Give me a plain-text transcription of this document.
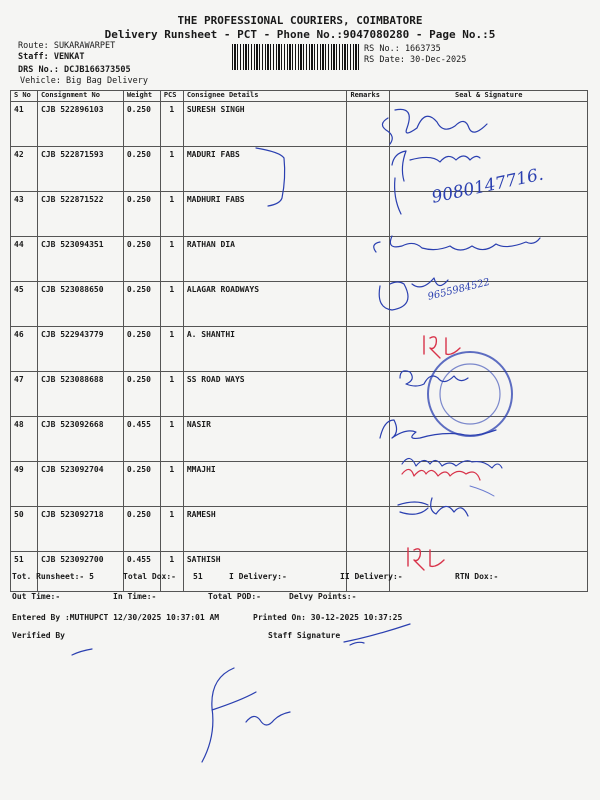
THE PROFESSIONAL COURIERS, COIMBATORE
Delivery Runsheet - PCT - Phone No.:9047080280 - Page No.:5
Route: SUKARAWARPET
Staff: VENKAT
DRS No.: DCJB166373505
Vehicle: Big Bag Delivery
RS No.: 1663735
RS Date: 30-Dec-2025
S No	Consignment No	Weight	PCS	Consignee Details	Remarks	Seal & Signature
41	CJB 522896103	0.250	1	SURESH SINGH		
42	CJB 522871593	0.250	1	MADURI FABS		
43	CJB 522871522	0.250	1	MADHURI FABS		
44	CJB 523094351	0.250	1	RATHAN DIA		
45	CJB 523088650	0.250	1	ALAGAR ROADWAYS		
46	CJB 522943779	0.250	1	A. SHANTHI		
47	CJB 523088688	0.250	1	SS ROAD WAYS		
48	CJB 523092668	0.455	1	NASIR		
49	CJB 523092704	0.250	1	MMAJHI		
50	CJB 523092718	0.250	1	RAMESH		
51	CJB 523092700	0.455	1	SATHISH		
9080147716.
9655984522
Tot. Runsheet:- 5	Total Dox:- 51	I Delivery:-	II Delivery:-	RTN Dox:-
Out Time:-	In Time:-	Total POD:-	Delvy Points:-
Entered By :MUTHUPCT 12/30/2025 10:37:01 AM	Printed On: 30-12-2025 10:37:25
Verified By	Staff Signature
